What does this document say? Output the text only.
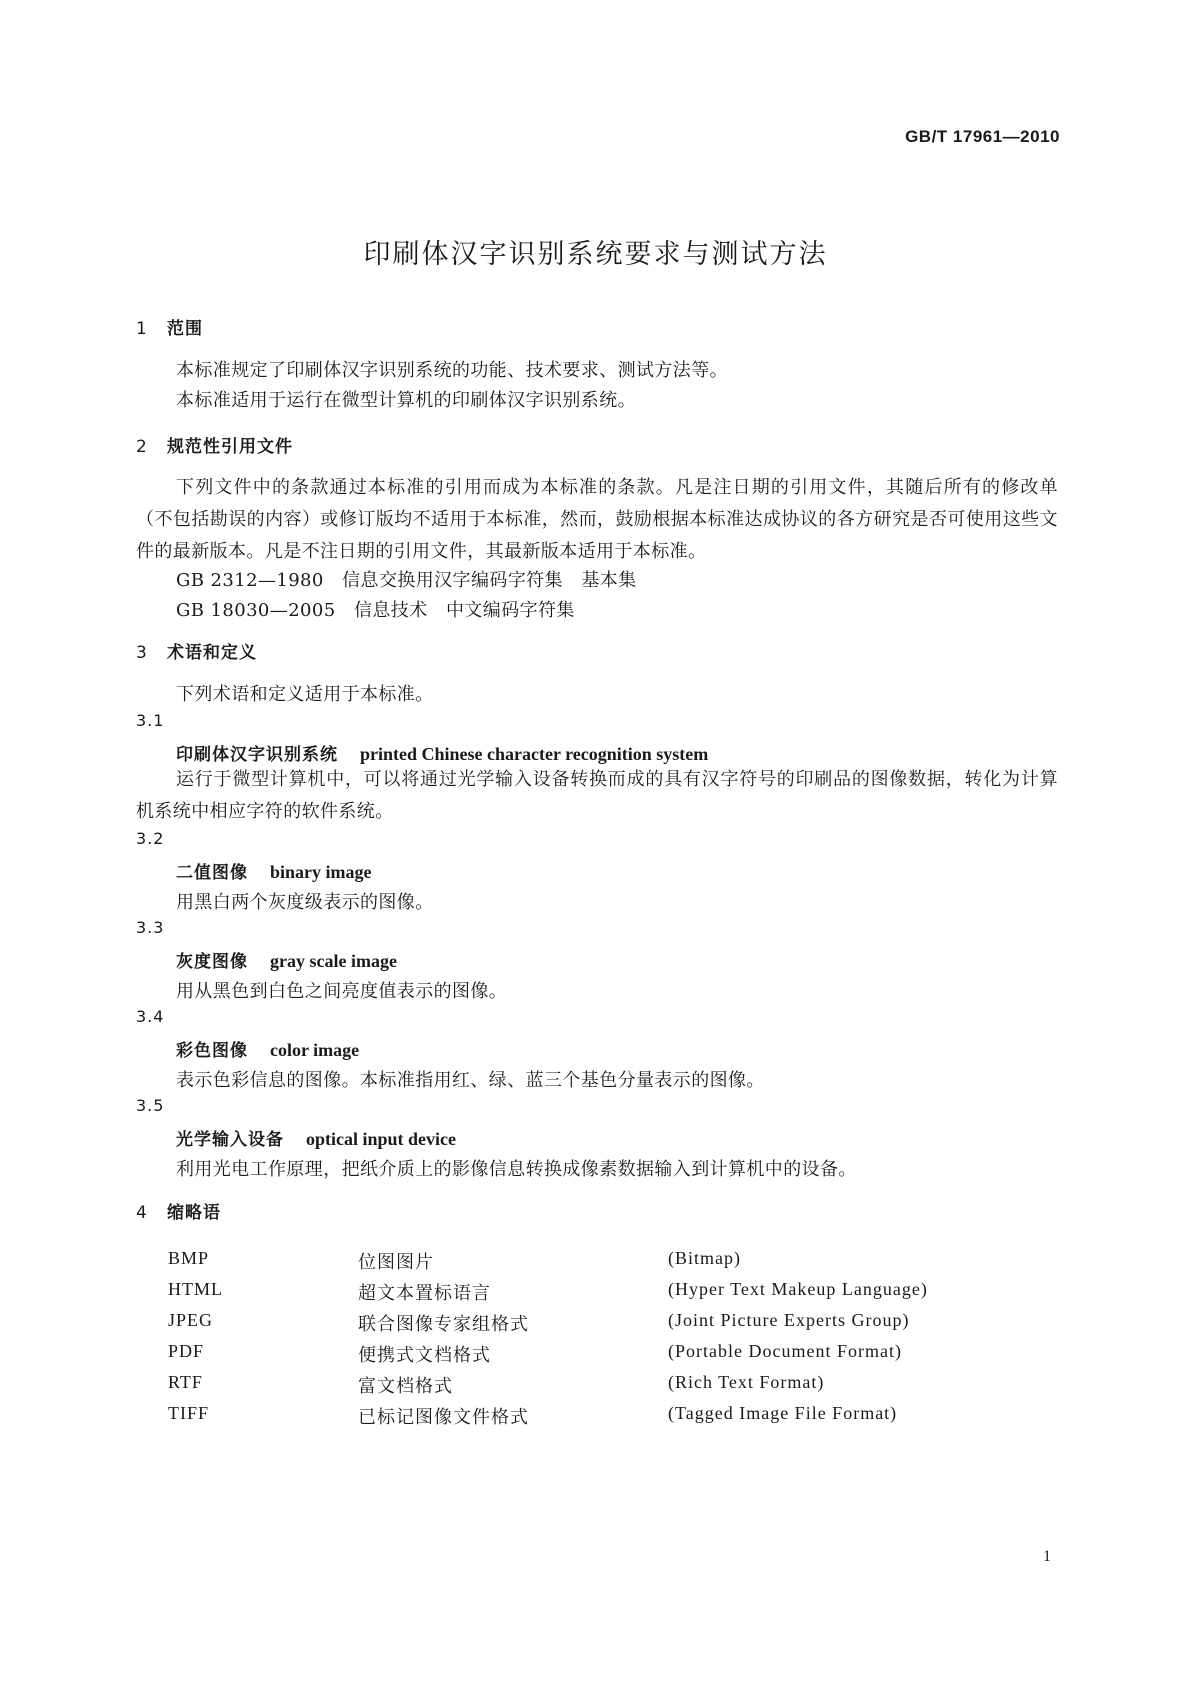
GB/T 17961—2010
印刷体汉字识别系统要求与测试方法
1 范围
本标准规定了印刷体汉字识别系统的功能、技术要求、测试方法等。
本标准适用于运行在微型计算机的印刷体汉字识别系统。
2 规范性引用文件
下列文件中的条款通过本标准的引用而成为本标准的条款。凡是注日期的引用文件，其随后所有的修改单（不包括勘误的内容）或修订版均不适用于本标准，然而，鼓励根据本标准达成协议的各方研究是否可使用这些文件的最新版本。凡是不注日期的引用文件，其最新版本适用于本标准。
GB 2312—1980　信息交换用汉字编码字符集　基本集
GB 18030—2005　信息技术　中文编码字符集
3 术语和定义
下列术语和定义适用于本标准。
3.1
印刷体汉字识别系统 printed Chinese character recognition system
运行于微型计算机中，可以将通过光学输入设备转换而成的具有汉字符号的印刷品的图像数据，转化为计算机系统中相应字符的软件系统。
3.2
二值图像 binary image
用黑白两个灰度级表示的图像。
3.3
灰度图像 gray scale image
用从黑色到白色之间亮度值表示的图像。
3.4
彩色图像 color image
表示色彩信息的图像。本标准指用红、绿、蓝三个基色分量表示的图像。
3.5
光学输入设备 optical input device
利用光电工作原理，把纸介质上的影像信息转换成像素数据输入到计算机中的设备。
4 缩略语
BMP	位图图片	(Bitmap)
HTML	超文本置标语言	(Hyper Text Makeup Language)
JPEG	联合图像专家组格式	(Joint Picture Experts Group)
PDF	便携式文档格式	(Portable Document Format)
RTF	富文档格式	(Rich Text Format)
TIFF	已标记图像文件格式	(Tagged Image File Format)
1
